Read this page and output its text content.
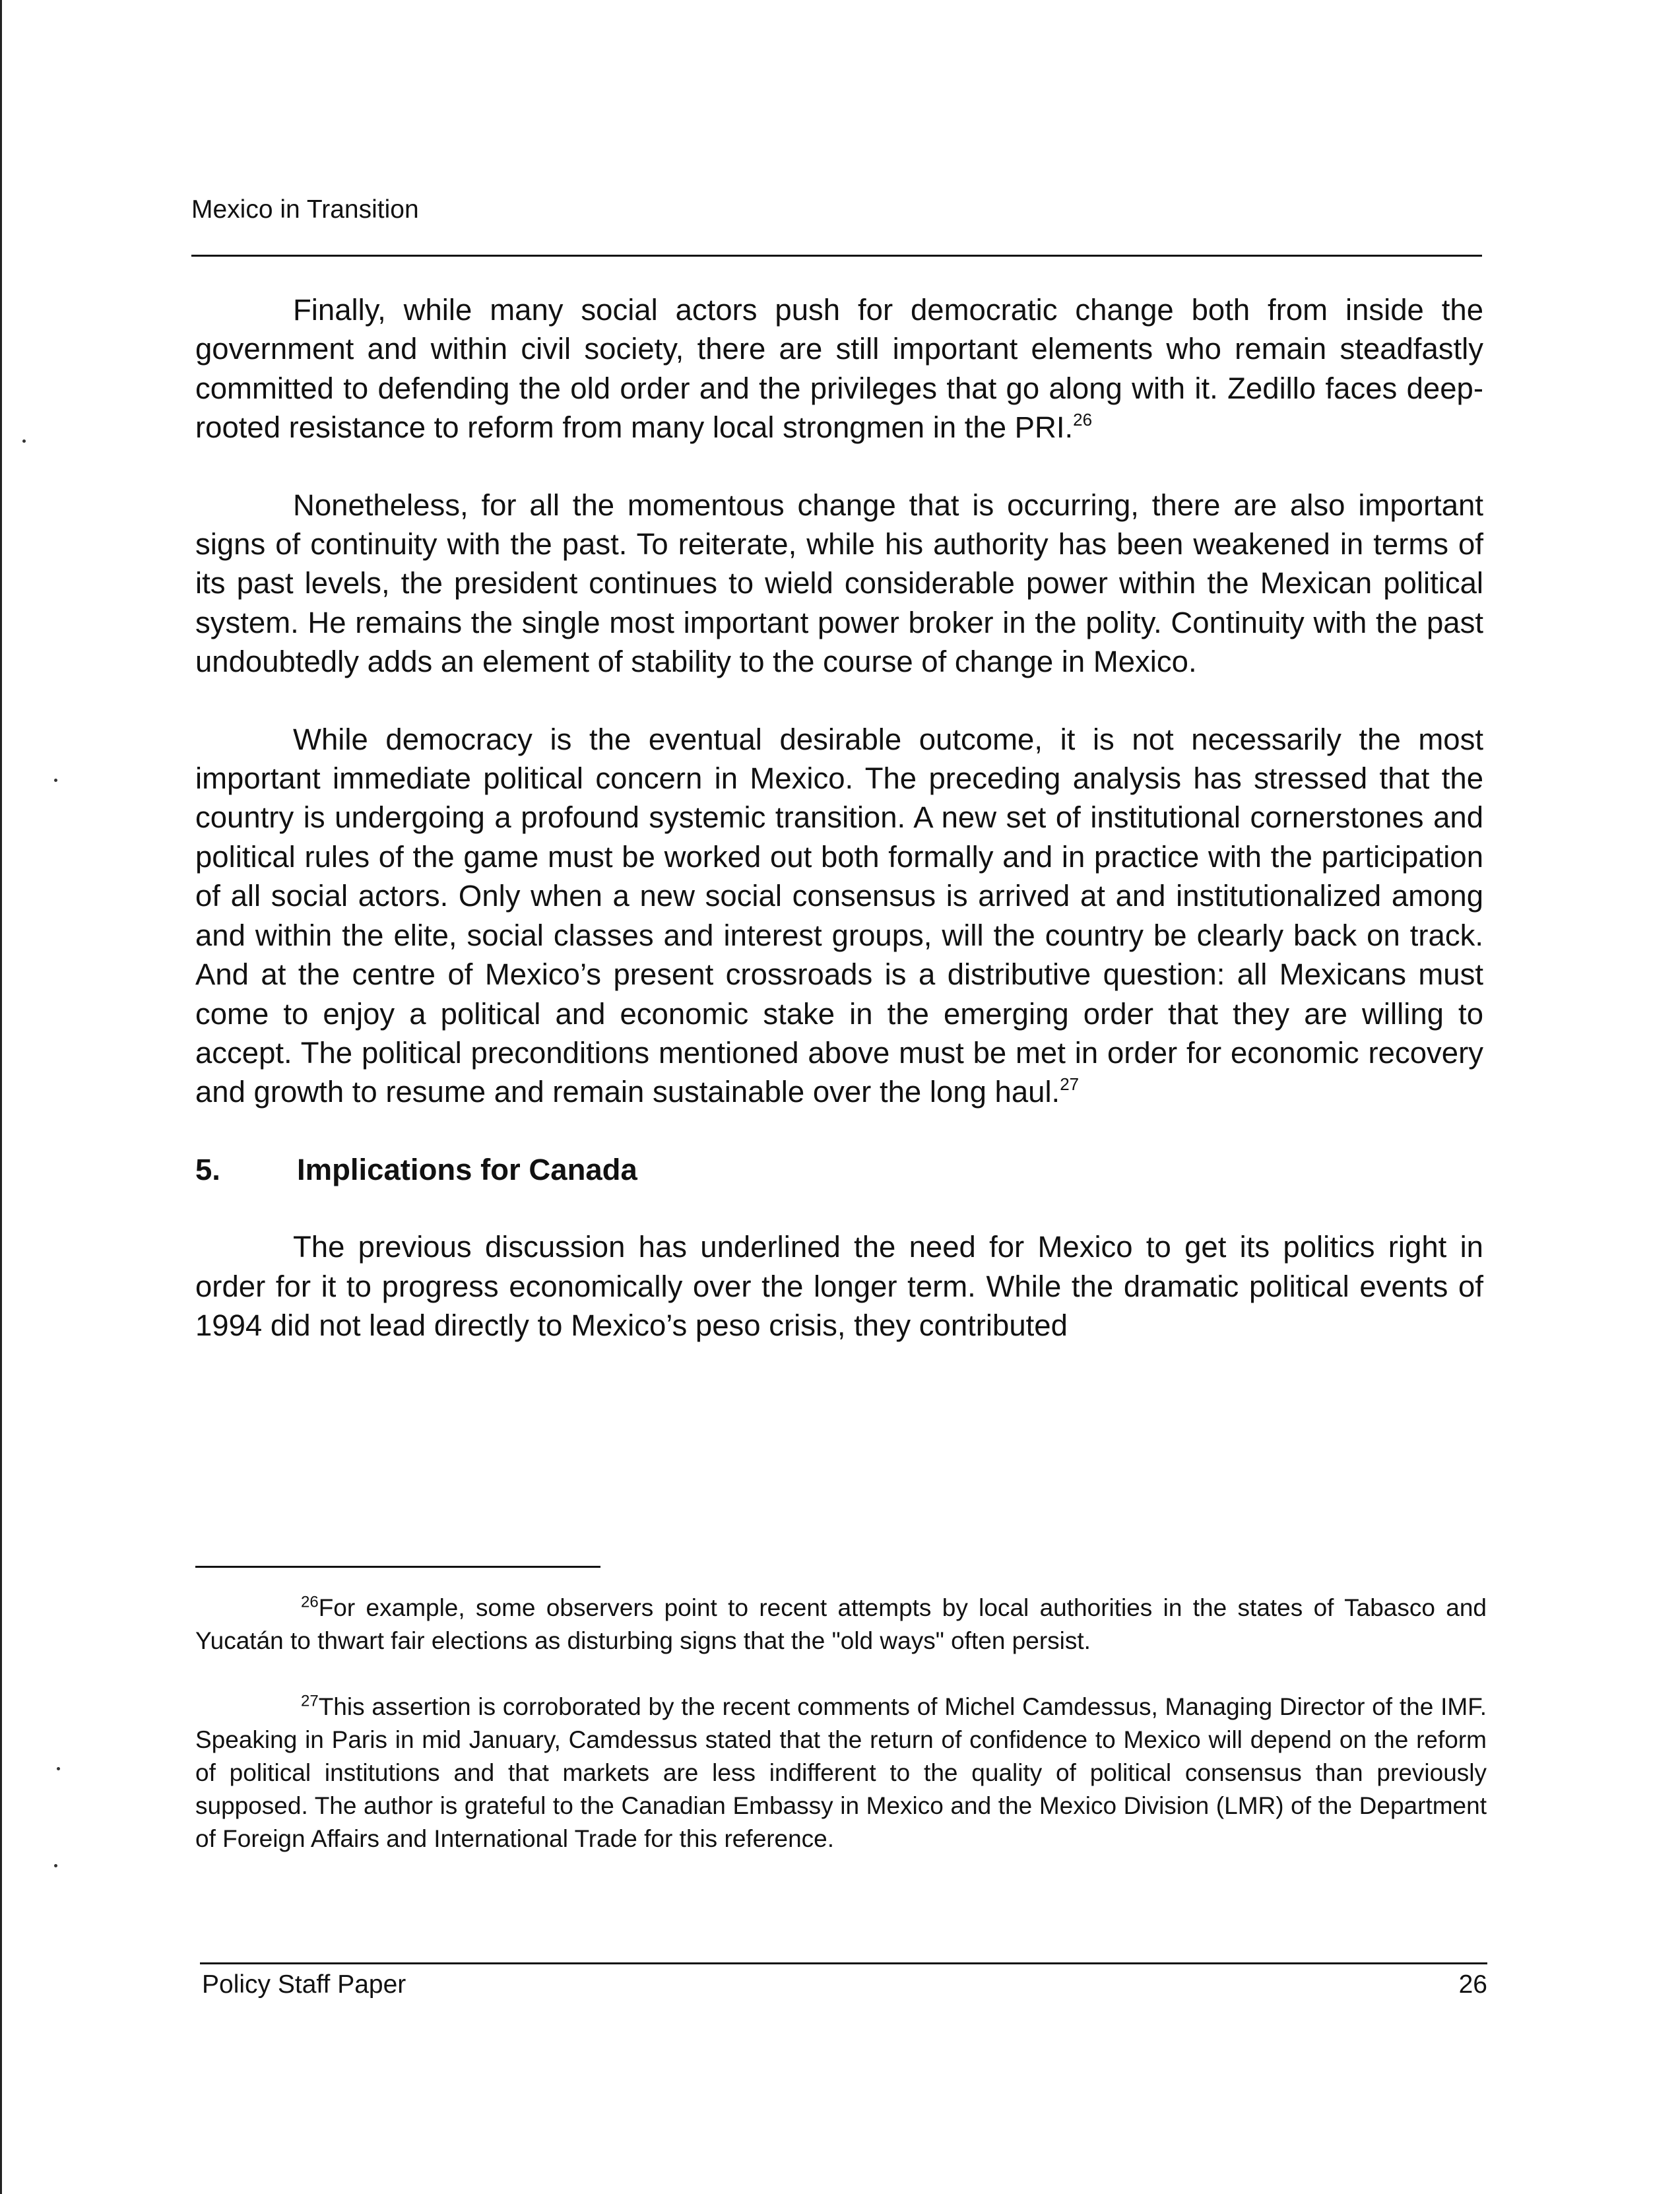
Mexico in Transition

Finally, while many social actors push for democratic change both from inside the government and within civil society, there are still important elements who remain steadfastly committed to defending the old order and the privileges that go along with it. Zedillo faces deep-rooted resistance to reform from many local strongmen in the PRI.$^{26}$

Nonetheless, for all the momentous change that is occurring, there are also important signs of continuity with the past. To reiterate, while his authority has been weakened in terms of its past levels, the president continues to wield considerable power within the Mexican political system. He remains the single most important power broker in the polity. Continuity with the past undoubtedly adds an element of stability to the course of change in Mexico.

While democracy is the eventual desirable outcome, it is not necessarily the most important immediate political concern in Mexico. The preceding analysis has stressed that the country is undergoing a profound systemic transition. A new set of institutional cornerstones and political rules of the game must be worked out both formally and in practice with the participation of all social actors. Only when a new social consensus is arrived at and institutionalized among and within the elite, social classes and interest groups, will the country be clearly back on track. And at the centre of Mexico’s present crossroads is a distributive question: all Mexicans must come to enjoy a political and economic stake in the emerging order that they are willing to accept. The political preconditions mentioned above must be met in order for economic recovery and growth to resume and remain sustainable over the long haul.$^{27}$

5.	Implications for Canada

The previous discussion has underlined the need for Mexico to get its politics right in order for it to progress economically over the longer term. While the dramatic political events of 1994 did not lead directly to Mexico’s peso crisis, they contributed

$^{26}$For example, some observers point to recent attempts by local authorities in the states of Tabasco and Yucatán to thwart fair elections as disturbing signs that the "old ways" often persist.

$^{27}$This assertion is corroborated by the recent comments of Michel Camdessus, Managing Director of the IMF. Speaking in Paris in mid January, Camdessus stated that the return of confidence to Mexico will depend on the reform of political institutions and that markets are less indifferent to the quality of political consensus than previously supposed. The author is grateful to the Canadian Embassy in Mexico and the Mexico Division (LMR) of the Department of Foreign Affairs and International Trade for this reference.

Policy Staff Paper	26
